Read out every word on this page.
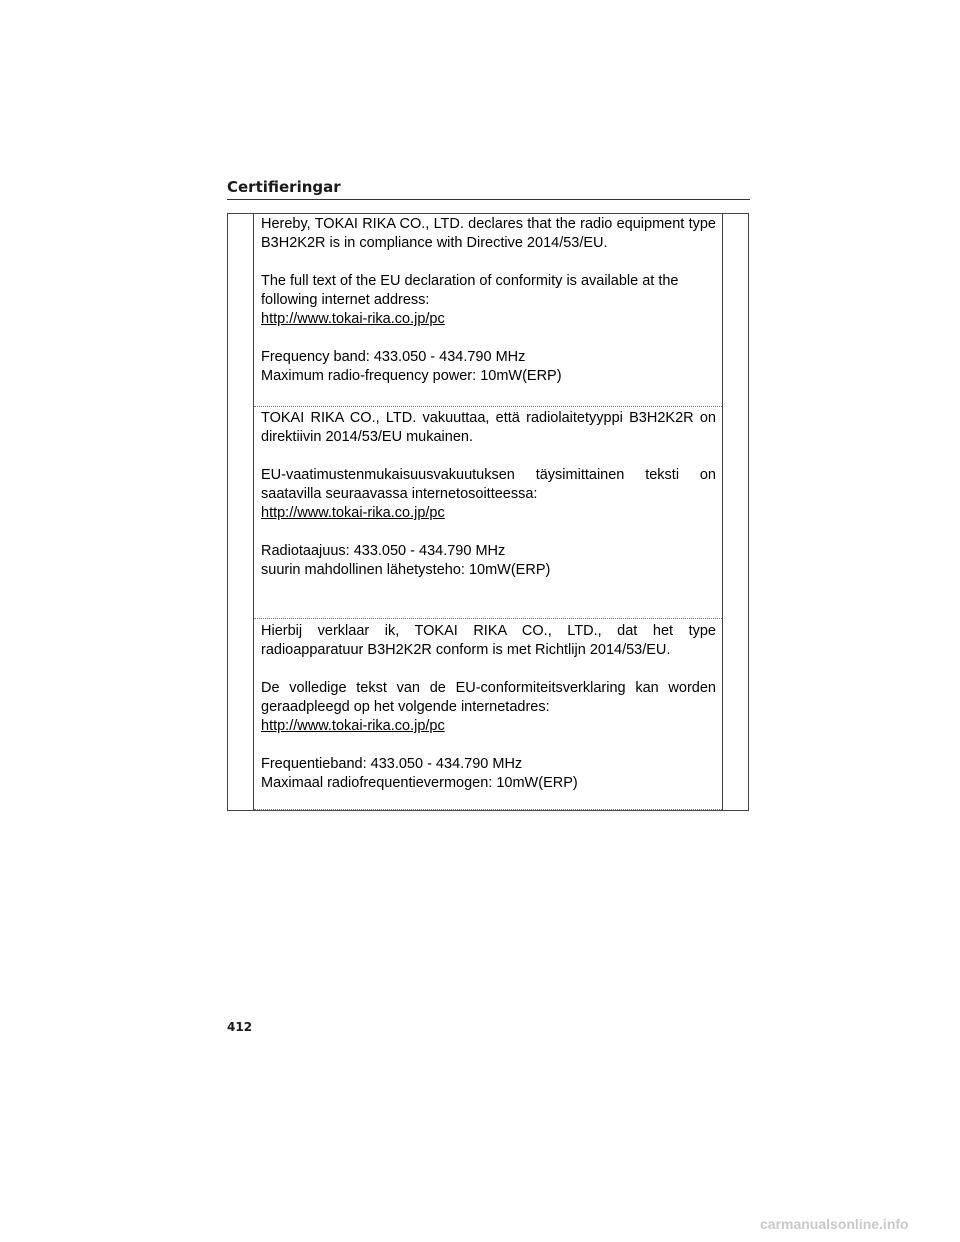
Certifieringar

Hereby, TOKAI RIKA CO., LTD. declares that the radio equipment type

B3H2K2R is in compliance with Directive 2014/53/EU.

The full text of the EU declaration of conformity is available at the

following internet address:

http://www.tokai-rika.co.jp/pc

Frequency band: 433.050 - 434.790 MHz

Maximum radio-frequency power: 10mW(ERP)

TOKAI RIKA CO., LTD. vakuuttaa, että radiolaitetyyppi B3H2K2R on

direktiivin 2014/53/EU mukainen.

EU-vaatimustenmukaisuusvakuutuksen täysimittainen teksti on

saatavilla seuraavassa internetosoitteessa:

http://www.tokai-rika.co.jp/pc

Radiotaajuus: 433.050 - 434.790 MHz

suurin mahdollinen lähetysteho: 10mW(ERP)

Hierbij verklaar ik, TOKAI RIKA CO., LTD., dat het type

radioapparatuur B3H2K2R conform is met Richtlijn 2014/53/EU.

De volledige tekst van de EU-conformiteitsverklaring kan worden

geraadpleegd op het volgende internetadres:

http://www.tokai-rika.co.jp/pc

Frequentieband: 433.050 - 434.790 MHz

Maximaal radiofrequentievermogen: 10mW(ERP)

412
carmanualsonline.info
